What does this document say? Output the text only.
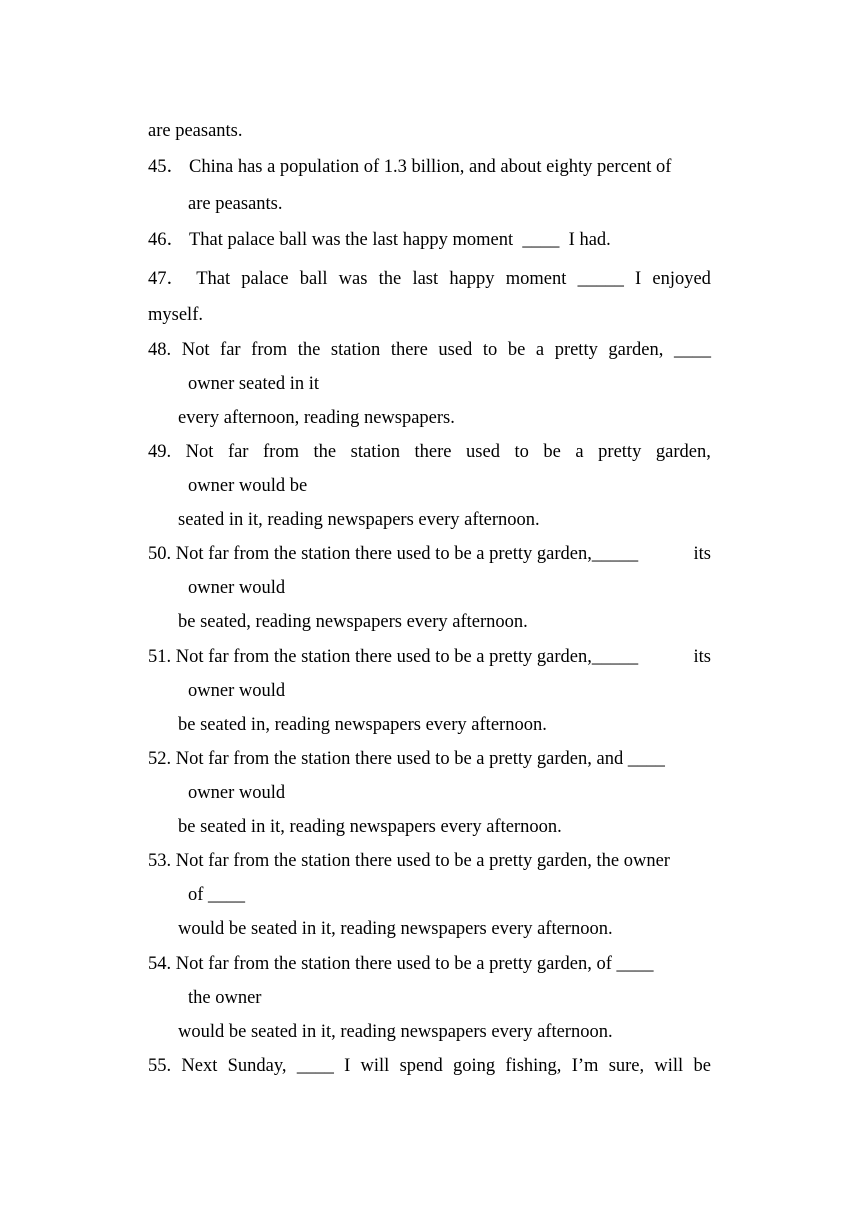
are peasants.
45． China has a population of 1.3 billion, and about eighty percent of
are peasants.
46． That palace ball was the last happy moment  ____  I had.
47． That palace ball was the last happy moment _____ I enjoyed
myself.
48. Not far from the station there used to be a pretty garden, ____
owner seated in it
every afternoon, reading newspapers.
49. Not far from the station there used to be a pretty garden,
owner would be
seated in it, reading newspapers every afternoon.
50. Not far from the station there used to be a pretty garden,_____	its
owner would
be seated, reading newspapers every afternoon.
51. Not far from the station there used to be a pretty garden,_____	its
owner would
be seated in, reading newspapers every afternoon.
52. Not far from the station there used to be a pretty garden, and ____
owner would
be seated in it, reading newspapers every afternoon.
53. Not far from the station there used to be a pretty garden, the owner
of ____
would be seated in it, reading newspapers every afternoon.
54. Not far from the station there used to be a pretty garden, of ____
the owner
would be seated in it, reading newspapers every afternoon.
55. Next Sunday, ____ I will spend going fishing, I’m sure, will be
